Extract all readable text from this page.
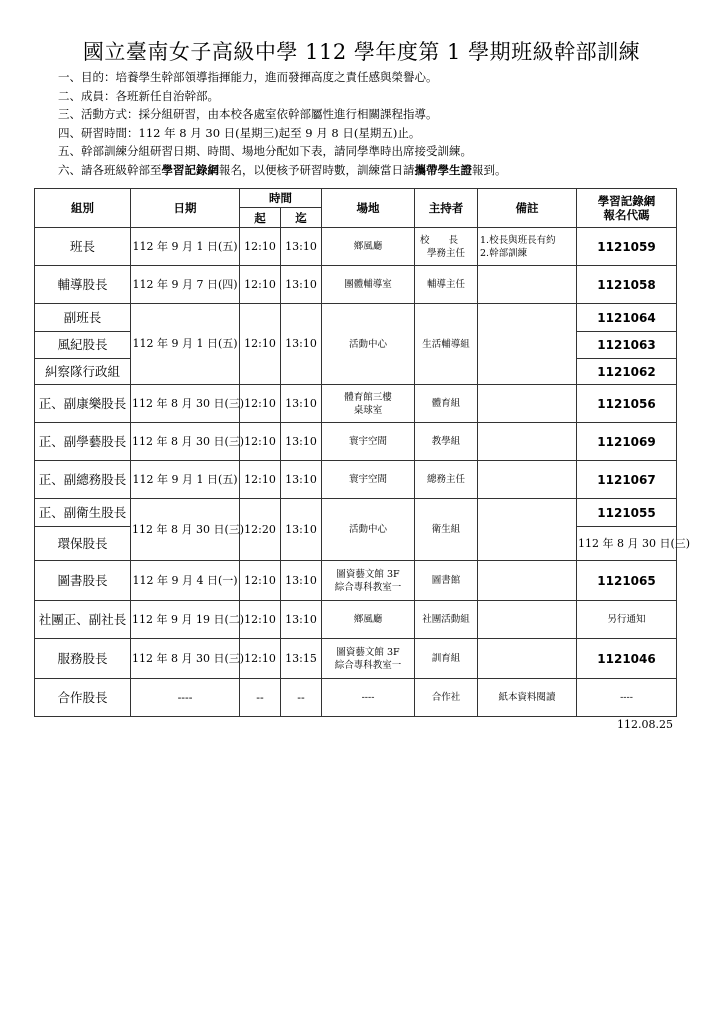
國立臺南女子高級中學 112 學年度第 1 學期班級幹部訓練
一、目的：培養學生幹部領導指揮能力，進而發揮高度之責任感與榮譽心。
二、成員：各班新任自治幹部。
三、活動方式：採分組研習，由本校各處室依幹部屬性進行相關課程指導。
四、研習時間：112 年 8 月 30 日(星期三)起至 9 月 8 日(星期五)止。
五、幹部訓練分組研習日期、時間、場地分配如下表，請同學準時出席接受訓練。
六、請各班級幹部至學習記錄網報名，以便核予研習時數，訓練當日請攜帶學生證報到。
組別	日期	時間		場地	主持者	備註	學習記錄網
報名代碼	

		起	迄					
班長	112 年 9 月 1 日(五)	12:10	13:10	鄉風廳	校　　長
學務主任	1.校長與班長有約
2.幹部訓練	1121059	
輔導股長	112 年 9 月 7 日(四)	12:10	13:10	團體輔導室	輔導主任		1121058	
副班長	112 年 9 月 1 日(五)	12:10	13:10	活動中心	生活輔導組		1121064	
風紀股長							1121063	
糾察隊行政組							1121062	
正、副康樂股長	112 年 8 月 30 日(三)	12:10	13:10	體育館三樓
桌球室	體育組		1121056	
正、副學藝股長	112 年 8 月 30 日(三)	12:10	13:10	寰宇空間	教學組		1121069	
正、副總務股長	112 年 9 月 1 日(五)	12:10	13:10	寰宇空間	總務主任		1121067	
正、副衛生股長	112 年 8 月 30 日(三)	12:20	13:10	活動中心	衛生組		1121055	
環保股長							112 年 8 月 30 日(三)			

圖書股長	112 年 9 月 4 日(一)	12:10	13:10	圖資藝文館 3F
綜合專科教室一	圖書館		1121065	
社團正、副社長	112 年 9 月 19 日(二)	12:10	13:10	鄉風廳	社團活動組		另行通知	
服務股長	112 年 8 月 30 日(三)	12:10	13:15	圖資藝文館 3F
綜合專科教室一	訓育組		1121046	
合作股長	----	--	--	----	合作社	紙本資料閱讀	----	
112.08.25
